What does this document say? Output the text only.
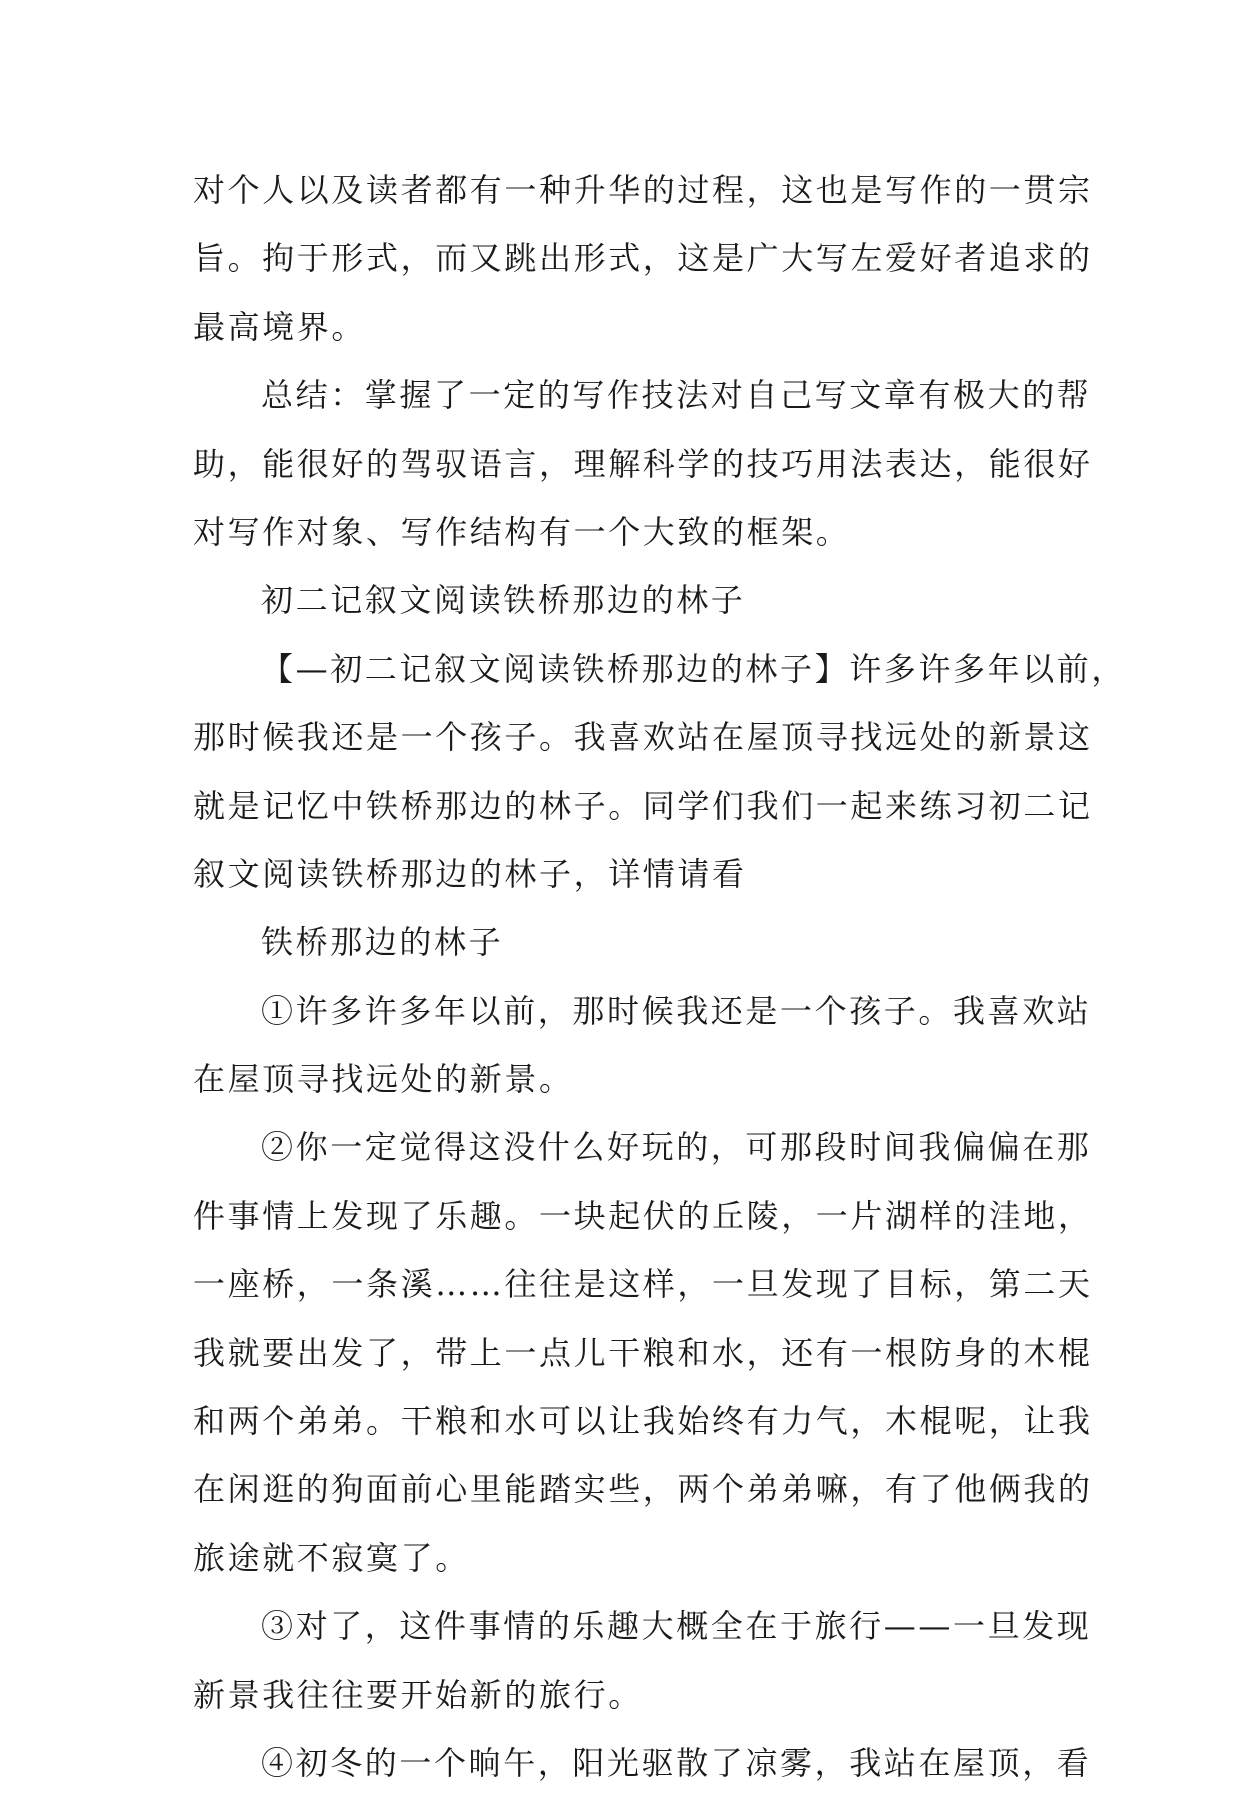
对个人以及读者都有一种升华的过程，这也是写作的一贯宗
旨。拘于形式，而又跳出形式，这是广大写左爱好者追求的
最高境界。
总结：掌握了一定的写作技法对自己写文章有极大的帮
助，能很好的驾驭语言，理解科学的技巧用法表达，能很好
对写作对象、写作结构有一个大致的框架。
初二记叙文阅读铁桥那边的林子
【—初二记叙文阅读铁桥那边的林子】许多许多年以前，
那时候我还是一个孩子。我喜欢站在屋顶寻找远处的新景这
就是记忆中铁桥那边的林子。同学们我们一起来练习初二记
叙文阅读铁桥那边的林子，详情请看
铁桥那边的林子
①许多许多年以前，那时候我还是一个孩子。我喜欢站
在屋顶寻找远处的新景。
②你一定觉得这没什么好玩的，可那段时间我偏偏在那
件事情上发现了乐趣。一块起伏的丘陵，一片湖样的洼地，
一座桥，一条溪……往往是这样，一旦发现了目标，第二天
我就要出发了，带上一点儿干粮和水，还有一根防身的木棍
和两个弟弟。干粮和水可以让我始终有力气，木棍呢，让我
在闲逛的狗面前心里能踏实些，两个弟弟嘛，有了他俩我的
旅途就不寂寞了。
③对了，这件事情的乐趣大概全在于旅行——一旦发现
新景我往往要开始新的旅行。
④初冬的一个晌午，阳光驱散了凉雾，我站在屋顶，看
